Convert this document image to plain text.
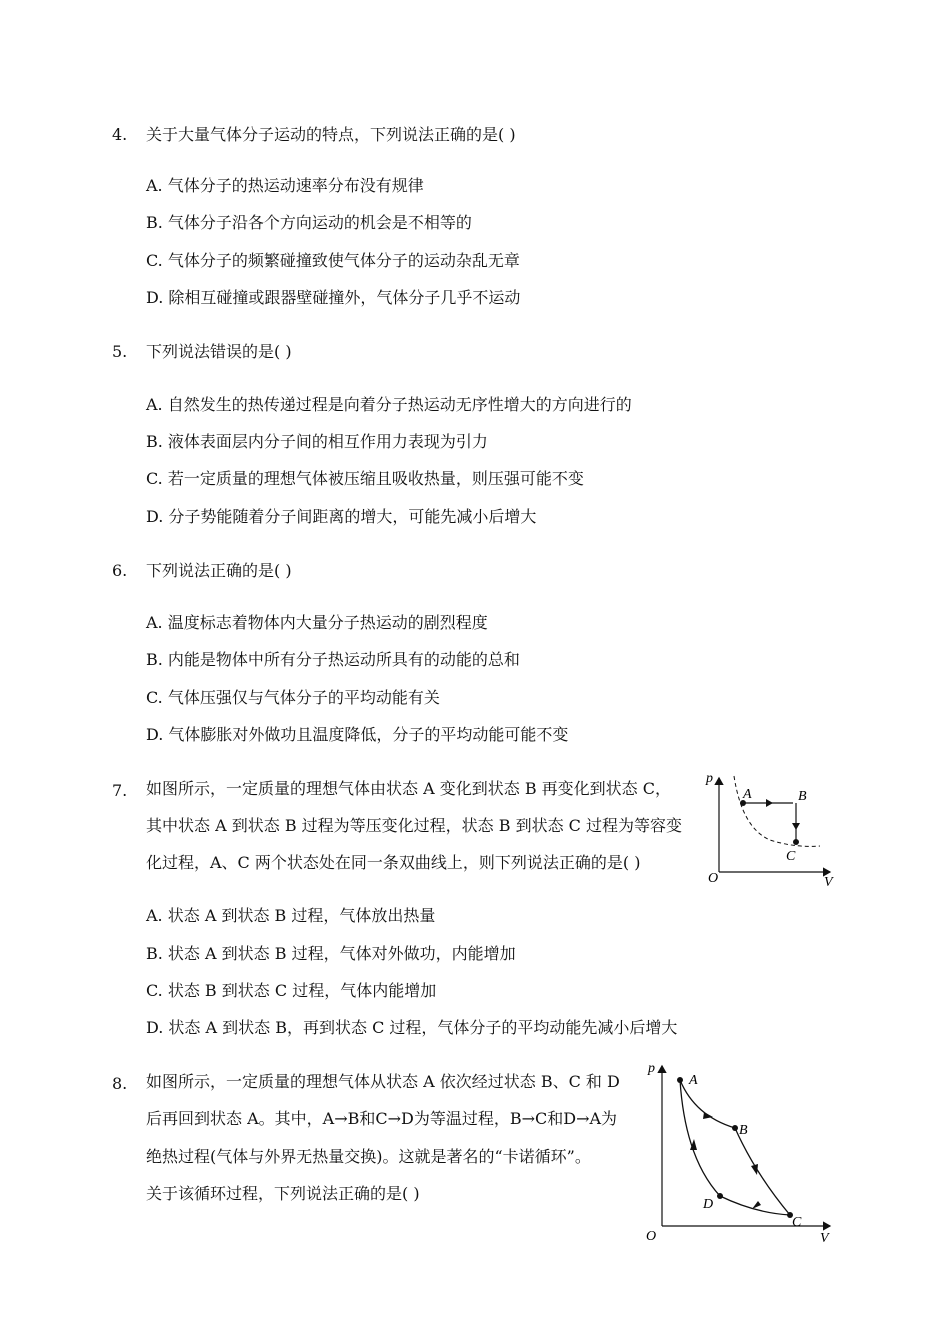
4.	关于大量气体分子运动的特点，下列说法正确的是( )
A. 气体分子的热运动速率分布没有规律
B. 气体分子沿各个方向运动的机会是不相等的
C. 气体分子的频繁碰撞致使气体分子的运动杂乱无章
D. 除相互碰撞或跟器壁碰撞外，气体分子几乎不运动
5.	下列说法错误的是( )
A. 自然发生的热传递过程是向着分子热运动无序性增大的方向进行的
B. 液体表面层内分子间的相互作用力表现为引力
C. 若一定质量的理想气体被压缩且吸收热量，则压强可能不变
D. 分子势能随着分子间距离的增大，可能先减小后增大
6.	下列说法正确的是( )
A. 温度标志着物体内大量分子热运动的剧烈程度
B. 内能是物体中所有分子热运动所具有的动能的总和
C. 气体压强仅与气体分子的平均动能有关
D. 气体膨胀对外做功且温度降低，分子的平均动能可能不变
7.	如图所示，一定质量的理想气体由状态 A 变化到状态 B 再变化到状态 C，
其中状态 A 到状态 B 过程为等压变化过程，状态 B 到状态 C 过程为等容变
化过程，A、C 两个状态处在同一条双曲线上，则下列说法正确的是( )
p
V
O
A	B
C
A. 状态 A 到状态 B 过程，气体放出热量
B. 状态 A 到状态 B 过程，气体对外做功，内能增加
C. 状态 B 到状态 C 过程，气体内能增加
D. 状态 A 到状态 B，再到状态 C 过程，气体分子的平均动能先减小后增大
8.	如图所示，一定质量的理想气体从状态 A 依次经过状态 B、C 和 D
后再回到状态 A。其中，A→B和C→D为等温过程，B→C和D→A为
绝热过程(气体与外界无热量交换)。这就是著名的“卡诺循环”。
关于该循环过程，下列说法正确的是( )
p
V
O
A
B
C
D
